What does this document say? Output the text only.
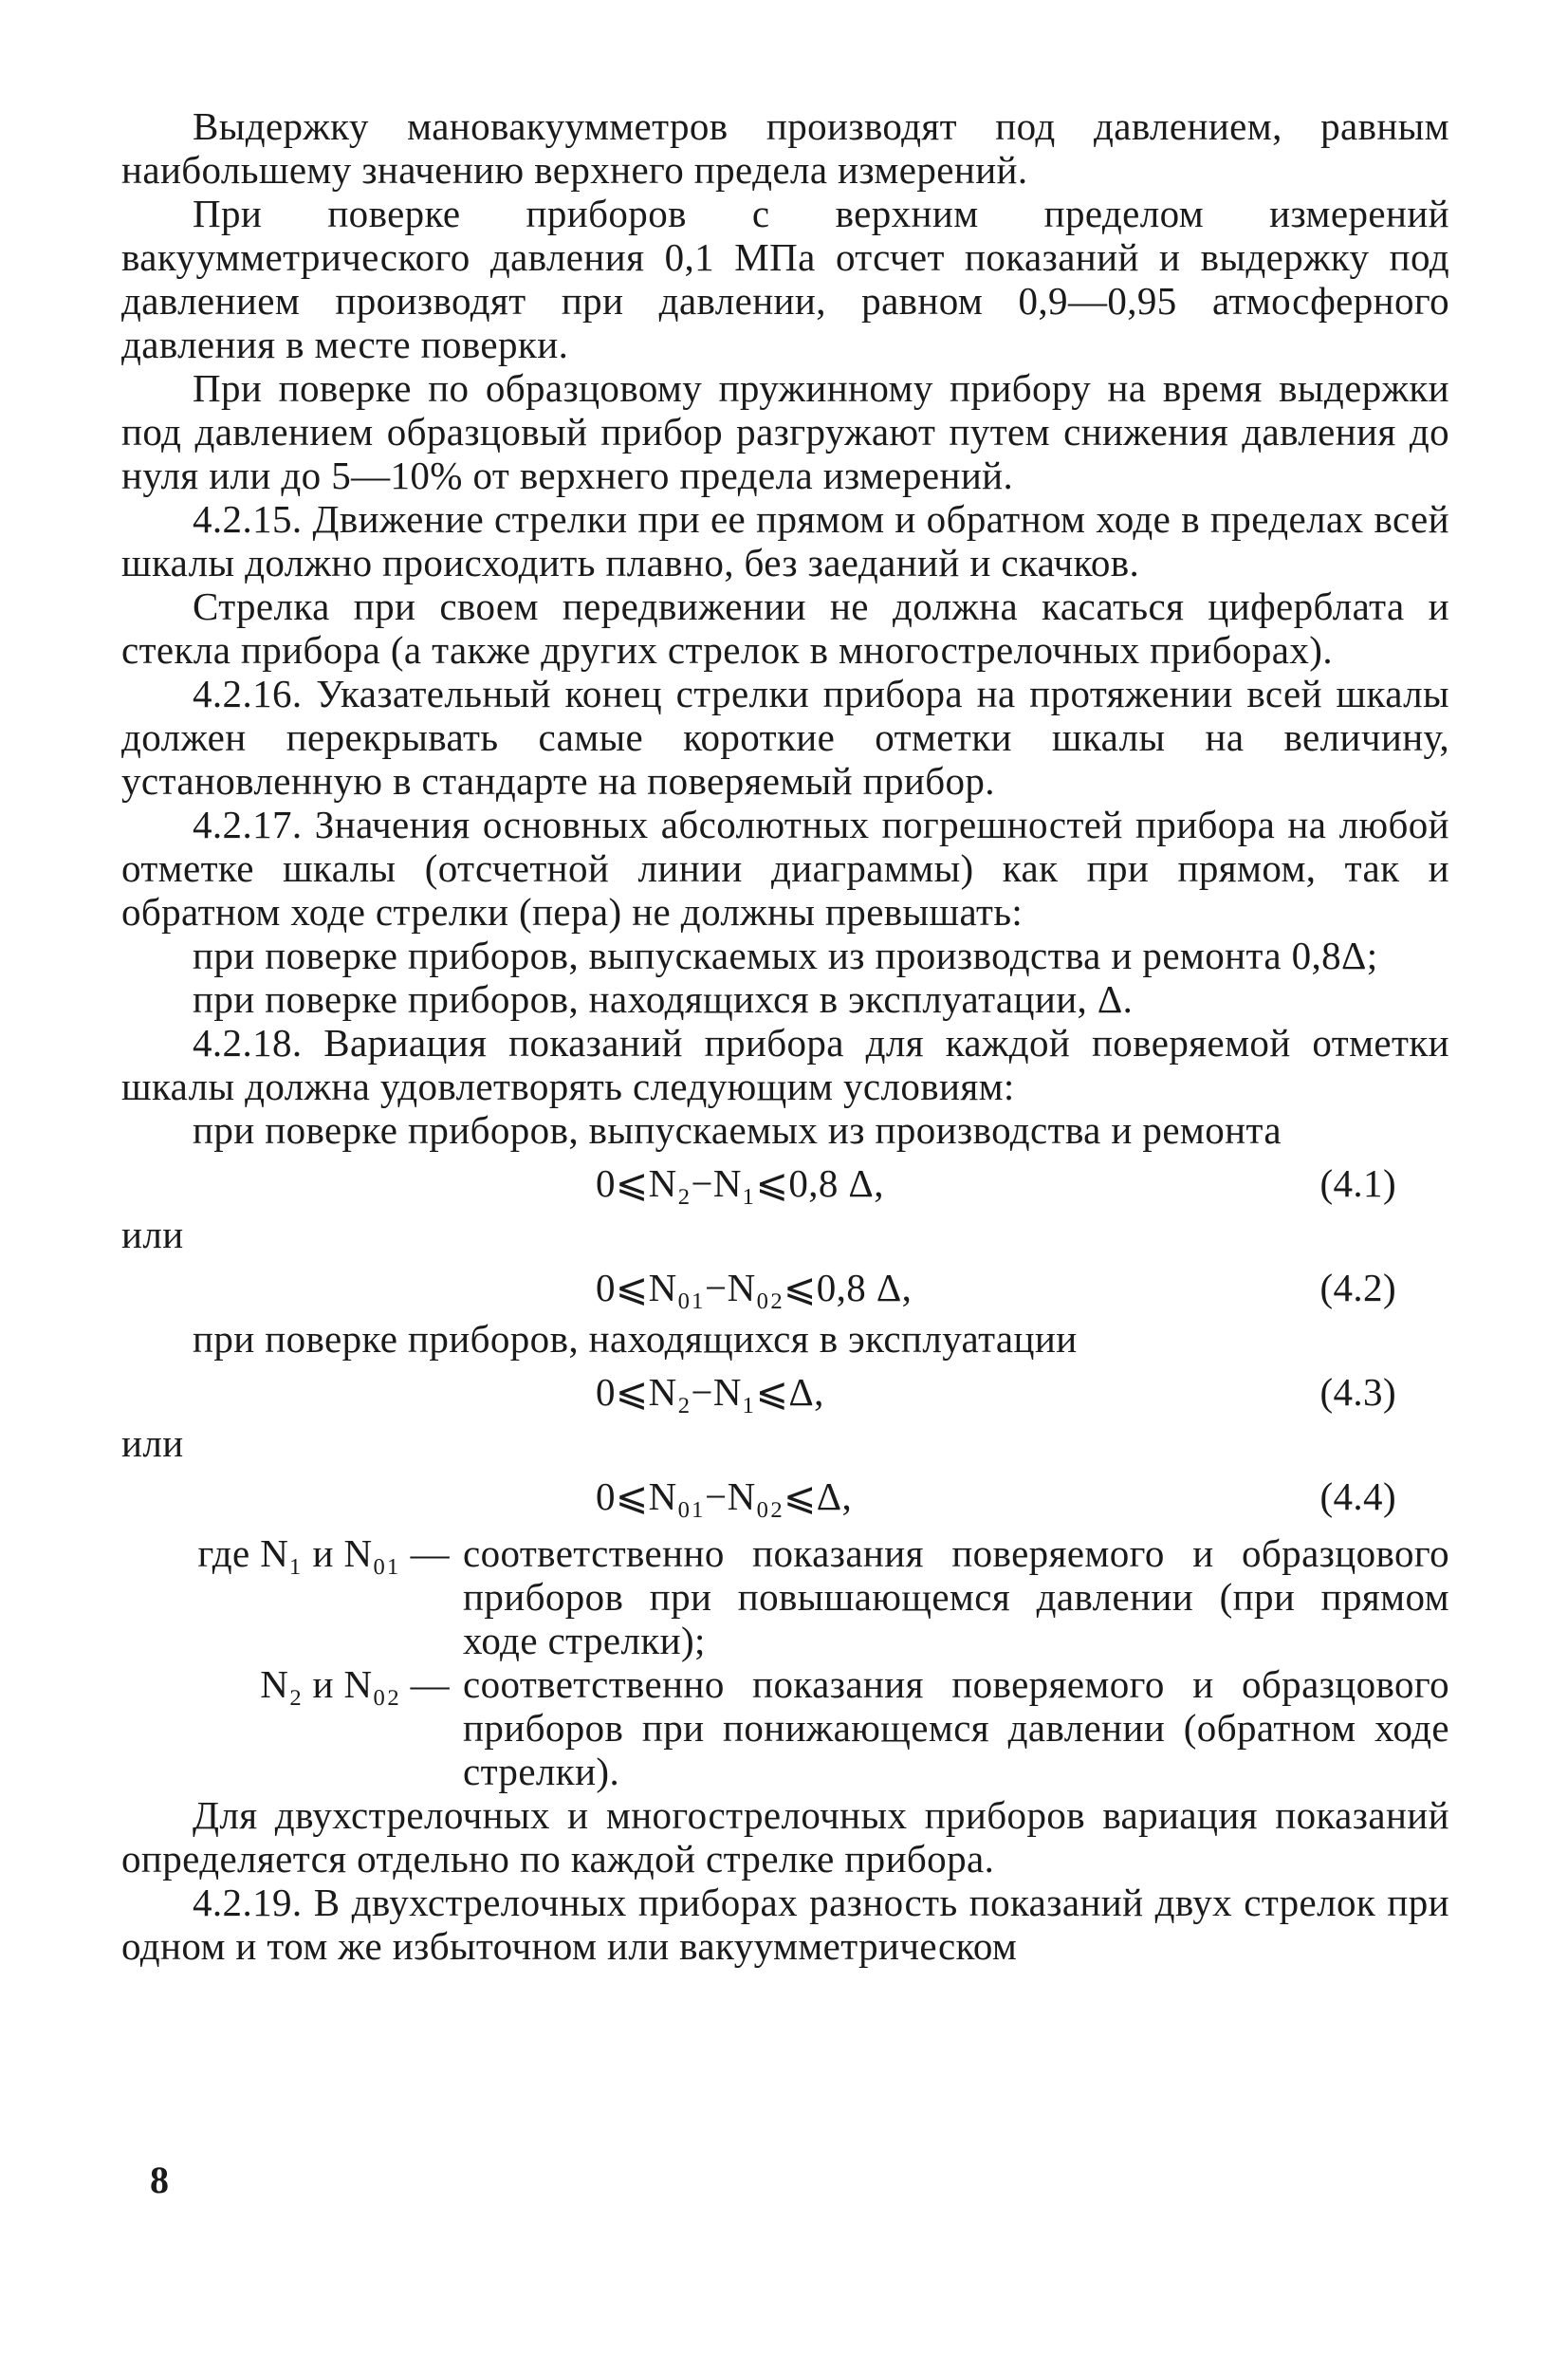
Выдержку мановакуумметров производят под давлением, равным наибольшему значению верхнего предела измерений.

При поверке приборов с верхним пределом измерений вакуумметрического давления 0,1 МПа отсчет показаний и выдержку под давлением производят при давлении, равном 0,9—0,95 атмосферного давления в месте поверки.

При поверке по образцовому пружинному прибору на время выдержки под давлением образцовый прибор разгружают путем снижения давления до нуля или до 5—10% от верхнего предела измерений.

4.2.15. Движение стрелки при ее прямом и обратном ходе в пределах всей шкалы должно происходить плавно, без заеданий и скачков.

Стрелка при своем передвижении не должна касаться циферблата и стекла прибора (а также других стрелок в многострелочных приборах).

4.2.16. Указательный конец стрелки прибора на протяжении всей шкалы должен перекрывать самые короткие отметки шкалы на величину, установленную в стандарте на поверяемый прибор.

4.2.17. Значения основных абсолютных погрешностей прибора на любой отметке шкалы (отсчетной линии диаграммы) как при прямом, так и обратном ходе стрелки (пера) не должны превышать:

при поверке приборов, выпускаемых из производства и ремонта 0,8Δ;

при поверке приборов, находящихся в эксплуатации, Δ.

4.2.18. Вариация показаний прибора для каждой поверяемой отметки шкалы должна удовлетворять следующим условиям:

при поверке приборов, выпускаемых из производства и ремонта

0⩽N₂−N₁⩽0,8 Δ,	(4.1)

или

0⩽N₀₁−N₀₂⩽0,8 Δ,	(4.2)

при поверке приборов, находящихся в эксплуатации

0⩽N₂−N₁⩽Δ,	(4.3)

или

0⩽N₀₁−N₀₂⩽Δ,	(4.4)
где N₁ и N₀₁ — соответственно показания поверяемого и образцового приборов при повышающемся давлении (при прямом ходе стрелки);
N₂ и N₀₂ — соответственно показания поверяемого и образцового приборов при понижающемся давлении (обратном ходе стрелки).

Для двухстрелочных и многострелочных приборов вариация показаний определяется отдельно по каждой стрелке прибора.

4.2.19. В двухстрелочных приборах разность показаний двух стрелок при одном и том же избыточном или вакуумметрическом

8
